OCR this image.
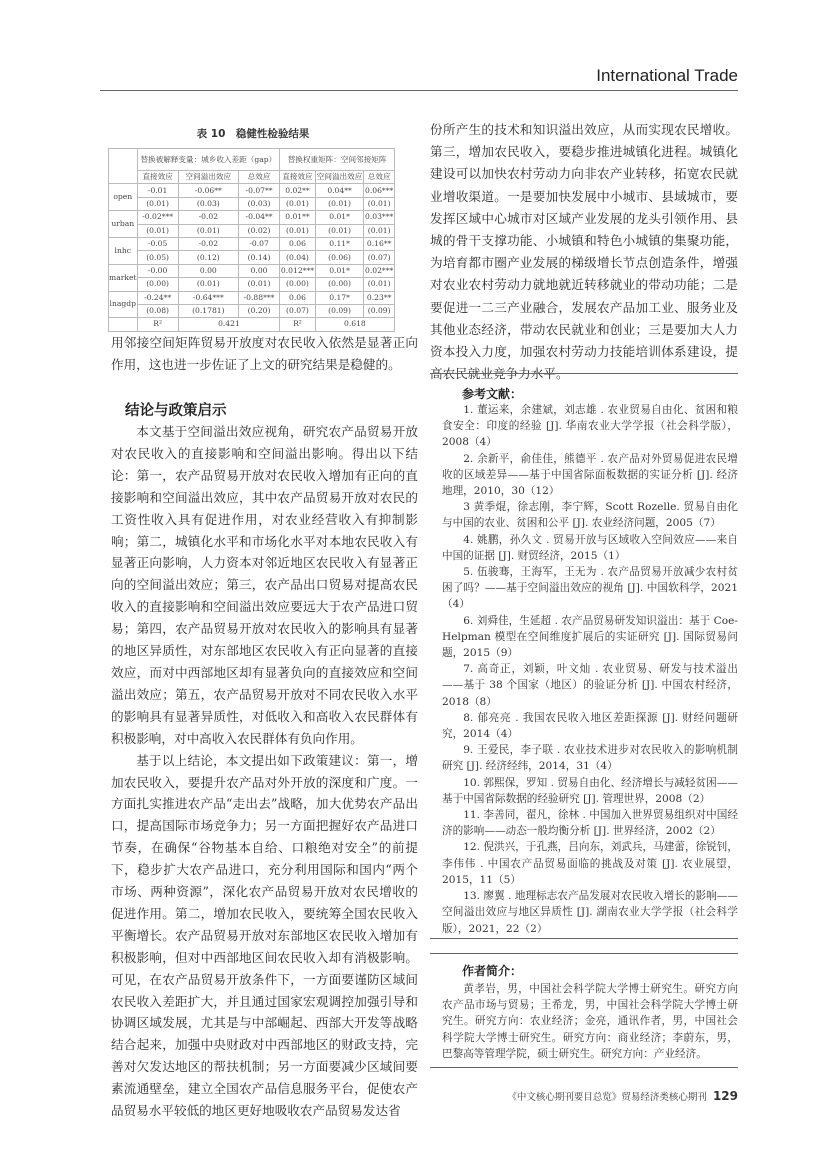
International Trade
表 10　稳健性检验结果
	替换被解释变量：城乡收入差距（gap）			替换权重矩阵：空间邻接矩阵		
	直接效应	空间溢出效应	总效应	直接效应	空间溢出效应	总效应
open	-0.01	-0.06**	-0.07**	0.02**	0.04**	0.06***
	(0.01)	(0.03)	(0.03)	(0.01)	(0.01)	(0.01)
urban	-0.02***	-0.02	-0.04**	0.01**	0.01*	0.03***
	(0.01)	(0.01)	(0.02)	(0.01)	(0.01)	(0.01)
lnhc	-0.05	-0.02	-0.07	0.06	0.11*	0.16**
	(0.05)	(0.12)	(0.14)	(0.04)	(0.06)	(0.07)
market	-0.00	0.00	0.00	0.012***	0.01*	0.02***
	(0.00)	(0.01)	(0.01)	(0.00)	(0.00)	(0.01)
lnagdp	-0.24**	-0.64***	-0.88***	0.06	0.17*	0.23**
	(0.08)	(0.1781)	(0.20)	(0.07)	(0.09)	(0.09)
	R²	0.421		R²	0.618	

用邻接空间矩阵贸易开放度对农民收入依然是显著正向作用，这也进一步佐证了上文的研究结果是稳健的。

结论与政策启示

本文基于空间溢出效应视角，研究农产品贸易开放对农民收入的直接影响和空间溢出影响。得出以下结论：第一，农产品贸易开放对农民收入增加有正向的直接影响和空间溢出效应，其中农产品贸易开放对农民的工资性收入具有促进作用，对农业经营收入有抑制影响；第二，城镇化水平和市场化水平对本地农民收入有显著正向影响，人力资本对邻近地区农民收入有显著正向的空间溢出效应；第三，农产品出口贸易对提高农民收入的直接影响和空间溢出效应要远大于农产品进口贸易；第四，农产品贸易开放对农民收入的影响具有显著的地区异质性，对东部地区农民收入有正向显著的直接效应，而对中西部地区却有显著负向的直接效应和空间溢出效应；第五，农产品贸易开放对不同农民收入水平的影响具有显著异质性，对低收入和高收入农民群体有积极影响，对中高收入农民群体有负向作用。

基于以上结论，本文提出如下政策建议：第一，增加农民收入，要提升农产品对外开放的深度和广度。一方面扎实推进农产品“走出去”战略，加大优势农产品出口，提高国际市场竞争力；另一方面把握好农产品进口节奏，在确保“谷物基本自给、口粮绝对安全”的前提下，稳步扩大农产品进口，充分利用国际和国内“两个市场、两种资源”，深化农产品贸易开放对农民增收的促进作用。第二，增加农民收入，要统筹全国农民收入平衡增长。农产品贸易开放对东部地区农民收入增加有积极影响，但对中西部地区间农民收入却有消极影响。可见，在农产品贸易开放条件下，一方面要谨防区域间农民收入差距扩大，并且通过国家宏观调控加强引导和协调区域发展，尤其是与中部崛起、西部大开发等战略结合起来，加强中央财政对中西部地区的财政支持，完善对欠发达地区的帮扶机制；另一方面要减少区域间要素流通壁垒，建立全国农产品信息服务平台，促使农产品贸易水平较低的地区更好地吸收农产品贸易发达省

份所产生的技术和知识溢出效应，从而实现农民增收。第三，增加农民收入，要稳步推进城镇化进程。城镇化建设可以加快农村劳动力向非农产业转移，拓宽农民就业增收渠道。一是要加快发展中小城市、县域城市，要发挥区域中心城市对区域产业发展的龙头引领作用、县城的骨干支撑功能、小城镇和特色小城镇的集聚功能，为培育都市圈产业发展的梯级增长节点创造条件，增强对农业农村劳动力就地就近转移就业的带动功能；二是要促进一二三产业融合，发展农产品加工业、服务业及其他业态经济，带动农民就业和创业；三是要加大人力资本投入力度，加强农村劳动力技能培训体系建设，提高农民就业竞争力水平。

参考文献：

1. 董运来，余建斌，刘志雄 . 农业贸易自由化、贫困和粮食安全：印度的经验 [J]. 华南农业大学学报（社会科学版），2008（4）

2. 余新平，俞佳佳，熊德平 . 农产品对外贸易促进农民增收的区域差异——基于中国省际面板数据的实证分析 [J]. 经济地理，2010，30（12）

3 黄季焜，徐志刚，李宁辉，Scott Rozelle. 贸易自由化与中国的农业、贫困和公平 [J]. 农业经济问题，2005（7）

4. 姚鹏，孙久文 . 贸易开放与区域收入空间效应——来自中国的证据 [J]. 财贸经济，2015（1）

5. 伍骏骞，王海军，王无为 . 农产品贸易开放减少农村贫困了吗？——基于空间溢出效应的视角 [J]. 中国软科学，2021（4）

6. 刘舜佳，生延超 . 农产品贸易研发知识溢出：基于 Coe-Helpman 模型在空间维度扩展后的实证研究 [J]. 国际贸易问题，2015（9）

7. 高奇正，刘颖，叶文灿 . 农业贸易、研发与技术溢出——基于 38 个国家（地区）的验证分析 [J]. 中国农村经济，2018（8）

8. 郁亮亮 . 我国农民收入地区差距探源 [J]. 财经问题研究，2014（4）

9. 王爱民，李子联 . 农业技术进步对农民收入的影响机制研究 [J]. 经济经纬，2014，31（4）

10. 郭熙保，罗知 . 贸易自由化、经济增长与减轻贫困——基于中国省际数据的经验研究 [J]. 管理世界，2008（2）

11. 李善同，翟凡，徐林 . 中国加入世界贸易组织对中国经济的影响——动态一般均衡分析 [J]. 世界经济，2002（2）

12. 倪洪兴，于孔燕，吕向东，刘武兵，马建蕾，徐锐钊，李伟伟 . 中国农产品贸易面临的挑战及对策 [J]. 农业展望，2015，11（5）

13. 廖翼 . 地理标志农产品发展对农民收入增长的影响——空间溢出效应与地区异质性 [J]. 湖南农业大学学报（社会科学版），2021，22（2）

作者简介：

黄孝岩，男，中国社会科学院大学博士研究生。研究方向农产品市场与贸易；王希龙，男，中国社会科学院大学博士研究生。研究方向：农业经济；金亮，通讯作者，男，中国社会科学院大学博士研究生。研究方向：商业经济；李蔚东，男，巴黎高等管理学院，硕士研究生。研究方向：产业经济。

《中文核心期刊要目总览》贸易经济类核心期刊 129
